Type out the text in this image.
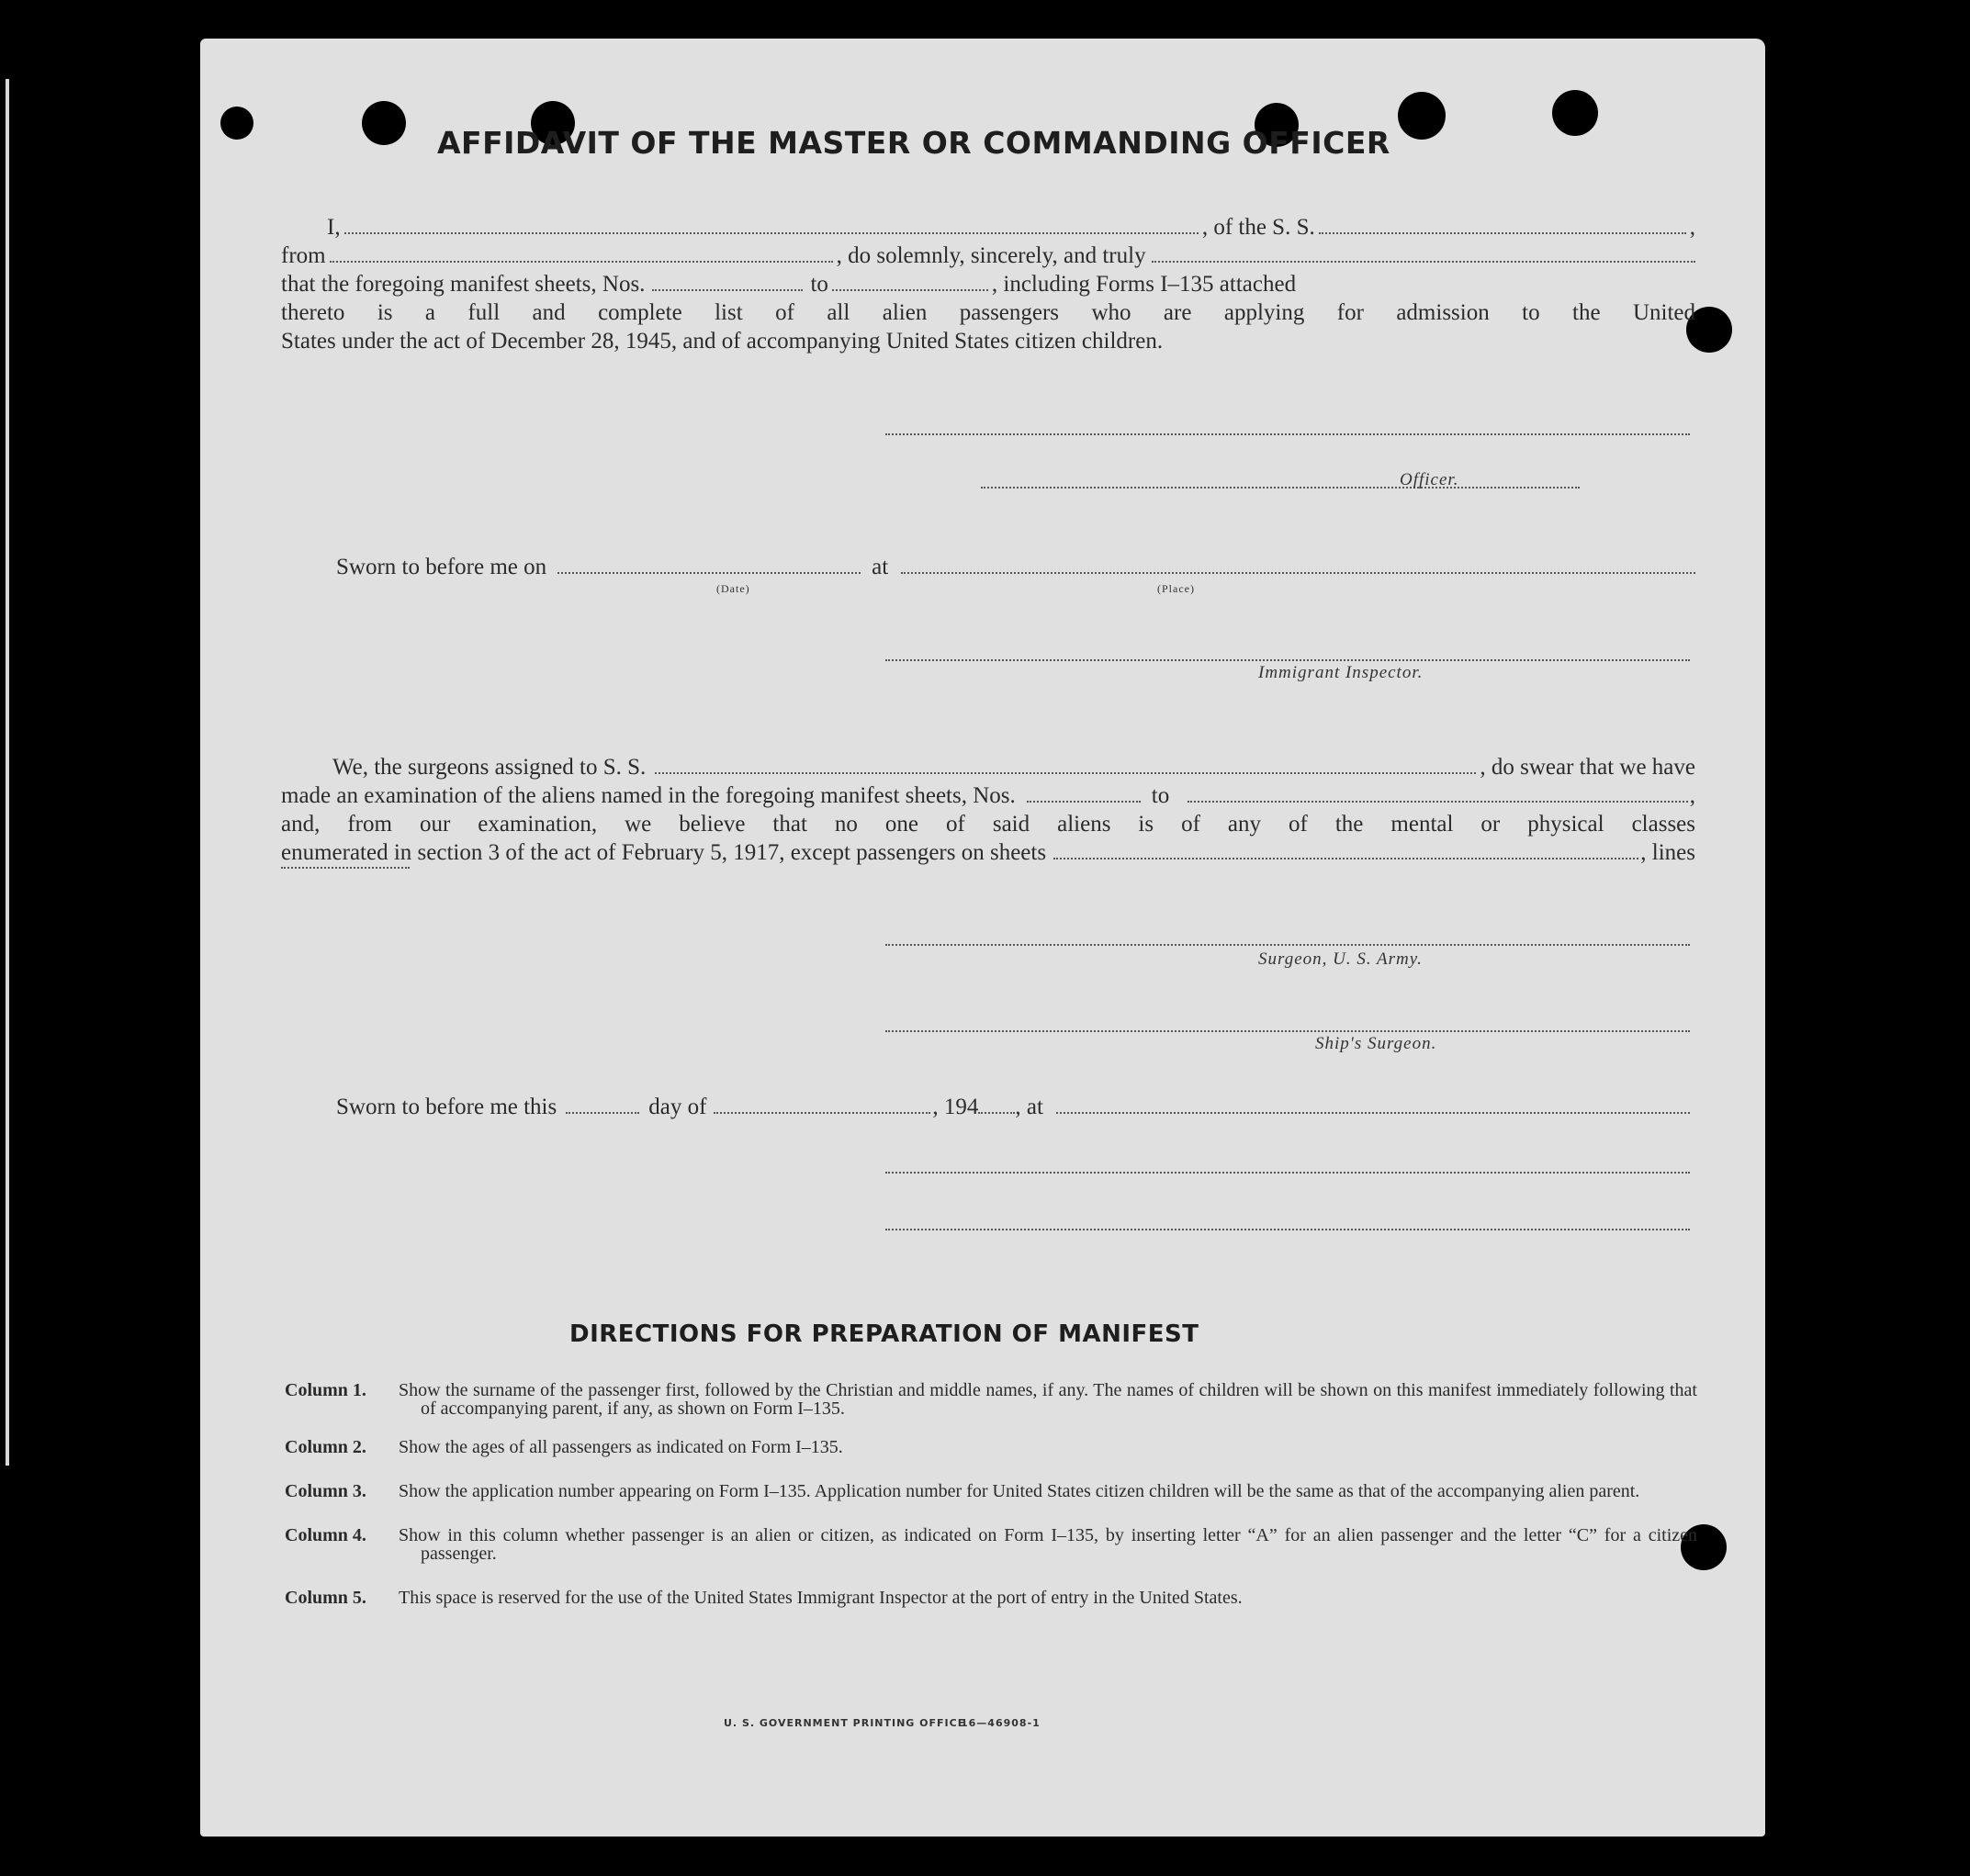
AFFIDAVIT OF THE MASTER OR COMMANDING OFFICER
I,	, of the S. S.	,
from	, do solemnly, sincerely, and truly
that the foregoing manifest sheets, Nos.	to	, including Forms I–135 attached
thereto is a full and complete list of all alien passengers who are applying for admission to the United
States under the act of December 28, 1945, and of accompanying United States citizen children.
Officer.
Sworn to before me on	at
(Date)	(Place)
Immigrant Inspector.
We, the surgeons assigned to S. S.	, do swear that we have
made an examination of the aliens named in the foregoing manifest sheets, Nos.	to	,
and, from our examination, we believe that no one of said aliens is of any of the mental or physical classes
enumerated in section 3 of the act of February 5, 1917, except passengers on sheets	, lines
Surgeon, U. S. Army.
Ship's Surgeon.
Sworn to before me this	day of	, 194 , at
DIRECTIONS FOR PREPARATION OF MANIFEST
Column 1.	Show the surname of the passenger first, followed by the Christian and middle names, if any. The names of children will be shown on this manifest immediately following that of accompanying parent, if any, as shown on Form I–135.
Column 2.	Show the ages of all passengers as indicated on Form I–135.
Column 3.	Show the application number appearing on Form I–135. Application number for United States citizen children will be the same as that of the accompanying alien parent.
Column 4.	Show in this column whether passenger is an alien or citizen, as indicated on Form I–135, by inserting letter “A” for an alien passenger and the letter “C” for a citizen passenger.
Column 5.	This space is reserved for the use of the United States Immigrant Inspector at the port of entry in the United States.
U. S. GOVERNMENT PRINTING OFFICE
16—46908-1
